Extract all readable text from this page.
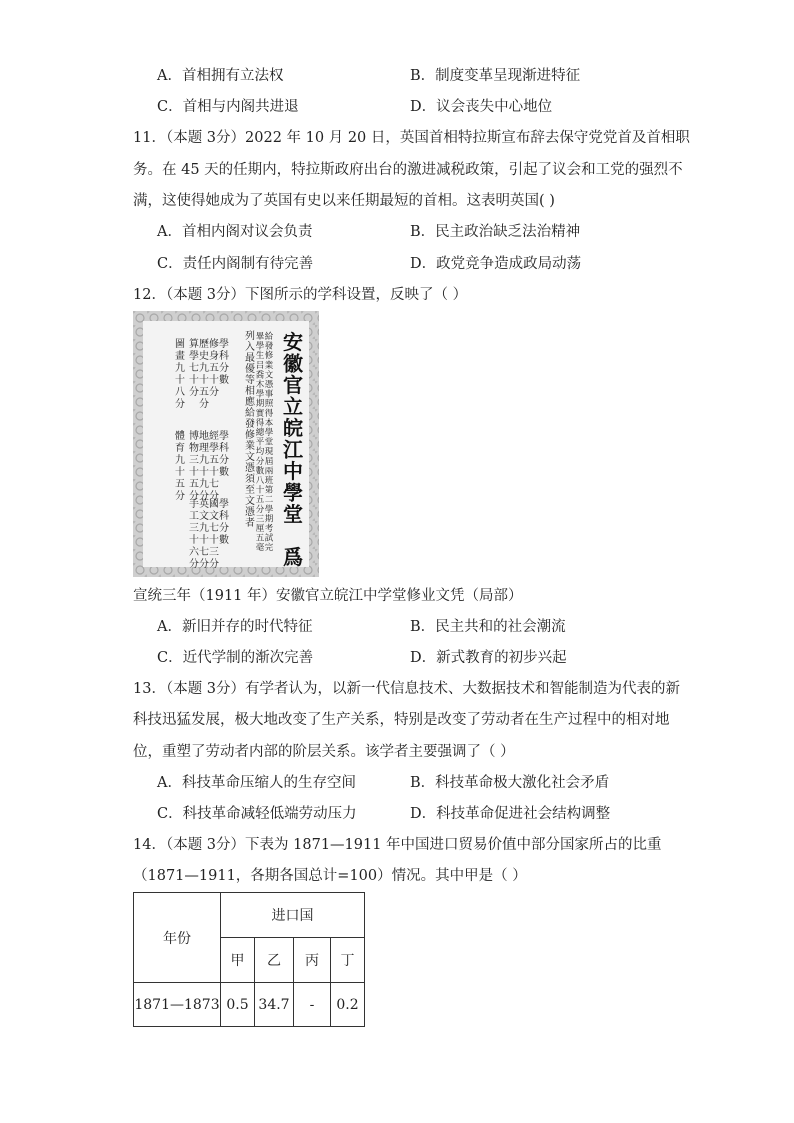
A．首相拥有立法权	B．制度变革呈现渐进特征
C．首相与内阁共进退	D．议会丧失中心地位
11．（本题 3分）2022 年 10 月 20 日，英国首相特拉斯宣布辞去保守党党首及首相职
务。在 45 天的任期内，特拉斯政府出台的激进减税政策，引起了议会和工党的强烈不
满，这使得她成为了英国有史以来任期最短的首相。这表明英国( )
A．首相内阁对议会负责	B．民主政治缺乏法治精神
C．责任内阁制有待完善	D．政党竞争造成政局动荡
12．（本题 3分）下图所示的学科设置，反映了（ ）
安
徽
官
立
皖
江
中
學
堂

爲
給
發
修
業
文
憑
事
照
得
本
學
堂
現
屆
兩
班
第
二
學
期
考
試
完
畢
學
生
吕
喬
木
學
期
實
得
總
平
均
分
數
八
十
五
分
三
厘
五
毫
列
入
最
優
等
相
應
給
發
修
業
文
憑
須
至
文
憑
者
學
科
分
數
修
身
五
十
分
歷
史
九
十
五
分
算
學
七
十
分
圖
畫
九
十
八
分
學
科
分
數
經
學
五
十
七
分
地
理
九
十
九
分
博
物
三
十
五
分
體
育
九
十
五
分
學
科
分
數
國
文
七
十
三
分
英
文
九
十
七
分
手
工
三
十
六
分
宣统三年（1911 年）安徽官立皖江中学堂修业文凭（局部）
A．新旧并存的时代特征	B．民主共和的社会潮流
C．近代学制的渐次完善	D．新式教育的初步兴起
13．（本题 3分）有学者认为，以新一代信息技术、大数据技术和智能制造为代表的新
科技迅猛发展，极大地改变了生产关系，特别是改变了劳动者在生产过程中的相对地
位，重塑了劳动者内部的阶层关系。该学者主要强调了（ ）
A．科技革命压缩人的生存空间	B．科技革命极大激化社会矛盾
C．科技革命减轻低端劳动压力	D．科技革命促进社会结构调整
14．（本题 3分）下表为 1871—1911 年中国进口贸易价值中部分国家所占的比重
（1871—1911，各期各国总计=100）情况。其中甲是（ ）
年份	进口国			
	甲	乙	丙	丁
1871—1873	0.5	34.7	-	0.2
